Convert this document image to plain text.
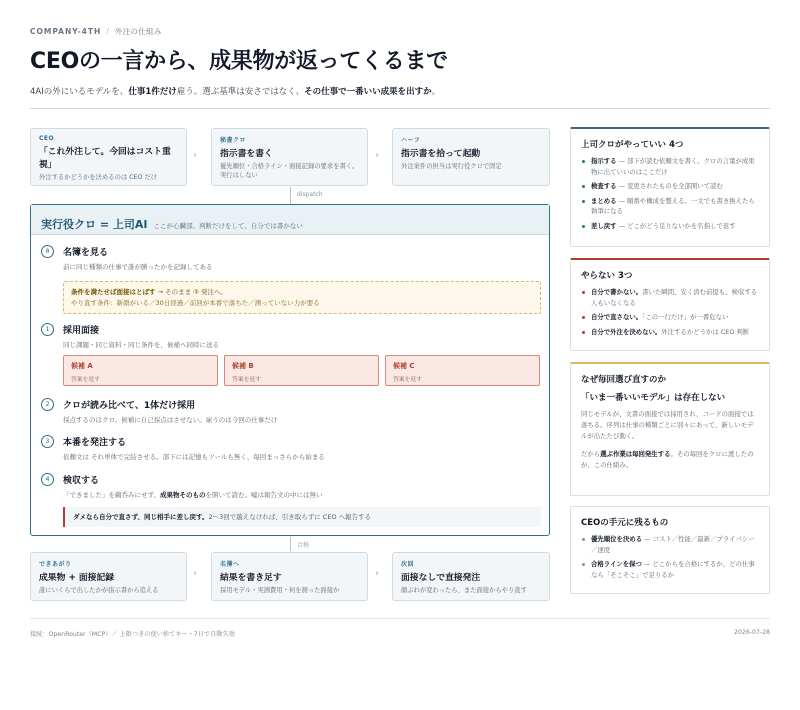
COMPANY-4TH / 外注の仕組み
CEOの一言から、成果物が返ってくるまで
4AIの外にいるモデルを、仕事1件だけ雇う。選ぶ基準は安さではなく、その仕事で一番いい成果を出すか。
CEO
「これ外注して。今回はコスト重視」
外注するかどうかを決めるのは CEO だけ
›
秘書クロ
指示書を書く
優先順位・合格ライン・面接記録の要求を書く。実行はしない
›
ハーフ
指示書を拾って起動
外注案件の担当は実行役クロで固定
dispatch
実行役クロ = 上司AI ここが心臓部。判断だけをして、自分では書かない
0	名簿を見る
前に同じ種類の仕事で誰が勝ったかを記録してある
条件を満たせば面接はとばす → そのまま ③ 発注へ。
やり直す条件：新顔がいる／30日経過／前回が本番で落ちた／測っていない力が要る
1	採用面接
同じ課題・同じ資料・同じ条件を、候補へ同時に送る
候補 A
答案を返す
候補 B
答案を返す
候補 C
答案を返す
2	クロが読み比べて、1体だけ採用
採点するのはクロ。候補に自己採点はさせない。雇うのは今回の仕事だけ
3	本番を発注する
依頼文は それ単体で完結させる。部下には記憶もツールも無く、毎回まっさらから始まる
4	検収する
「できました」を鵜呑みにせず、成果物そのものを開いて読む。嘘は報告文の中には無い
ダメなら自分で直さず、同じ相手に差し戻す。2〜3回で越えなければ、引き取らずに CEO へ報告する
合格
できあがり
成果物 + 面接記録
誰にいくらで出したかが指示書から追える
›
名簿へ
結果を書き足す
採用モデル・実測費用・何を測った面接か
›
次回
面接なしで直接発注
顔ぶれが変わったら、また面接からやり直す
上司クロがやっていい 4つ
指示する — 部下が読む依頼文を書く。クロの言葉が成果物に出ていいのはここだけ
検査する — 変更されたものを全部開いて読む
まとめる — 順番や構成を整える。一文でも書き換えたら執筆になる
差し戻す — どこがどう足りないかを名指しで返す
やらない 3つ
自分で書かない。書いた瞬間、安く済む前提も、検収する人もいなくなる
自分で直さない。「この一行だけ」が一番危ない
自分で外注を決めない。外注するかどうかは CEO 判断
なぜ毎回選び直すのか
「いま一番いいモデル」は存在しない
同じモデルが、文書の面接では採用され、コードの面接では落ちる。序列は仕事の種類ごとに別々にあって、新しいモデルが出たたび動く。
だから選ぶ作業は毎回発生する。その毎回をクロに渡したのが、この仕組み。
CEOの手元に残るもの
優先順位を決める — コスト／性能／最新／プライバシー／速度
合格ラインを保つ — どこからを合格にするか、どの仕事なら「そこそこ」で足りるか
接続：OpenRouter（MCP）／ 上限つきの使い捨てキー・7日で自動失効	2026-07-28
